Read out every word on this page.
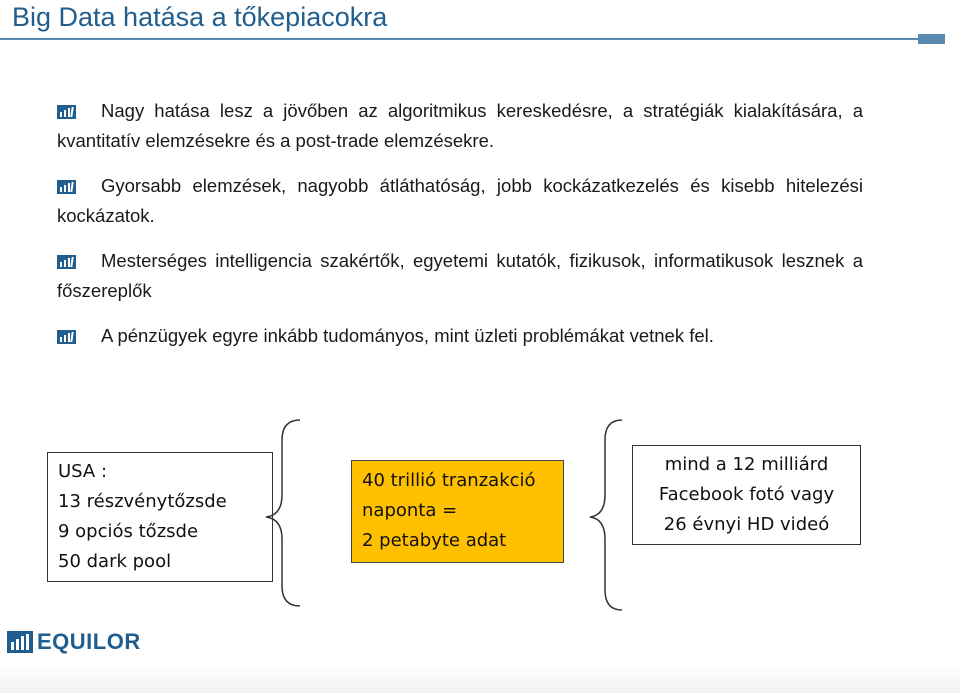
Big Data hatása a tőkepiacokra
Nagy hatása lesz a jövőben az algoritmikus kereskedésre, a stratégiák kialakítására, a kvantitatív elemzésekre és a post-trade elemzésekre.
Gyorsabb elemzések, nagyobb átláthatóság, jobb kockázatkezelés és kisebb hitelezési kockázatok.
Mesterséges intelligencia szakértők, egyetemi kutatók, fizikusok, informatikusok lesznek a főszereplők
A pénzügyek egyre inkább tudományos, mint üzleti problémákat vetnek fel.
USA :
13 részvénytőzsde
9 opciós tőzsde
50 dark pool
40 trillió tranzakció
naponta =
2 petabyte adat
mind a 12 milliárd
Facebook fotó vagy
26 évnyi HD videó
EQUILOR
